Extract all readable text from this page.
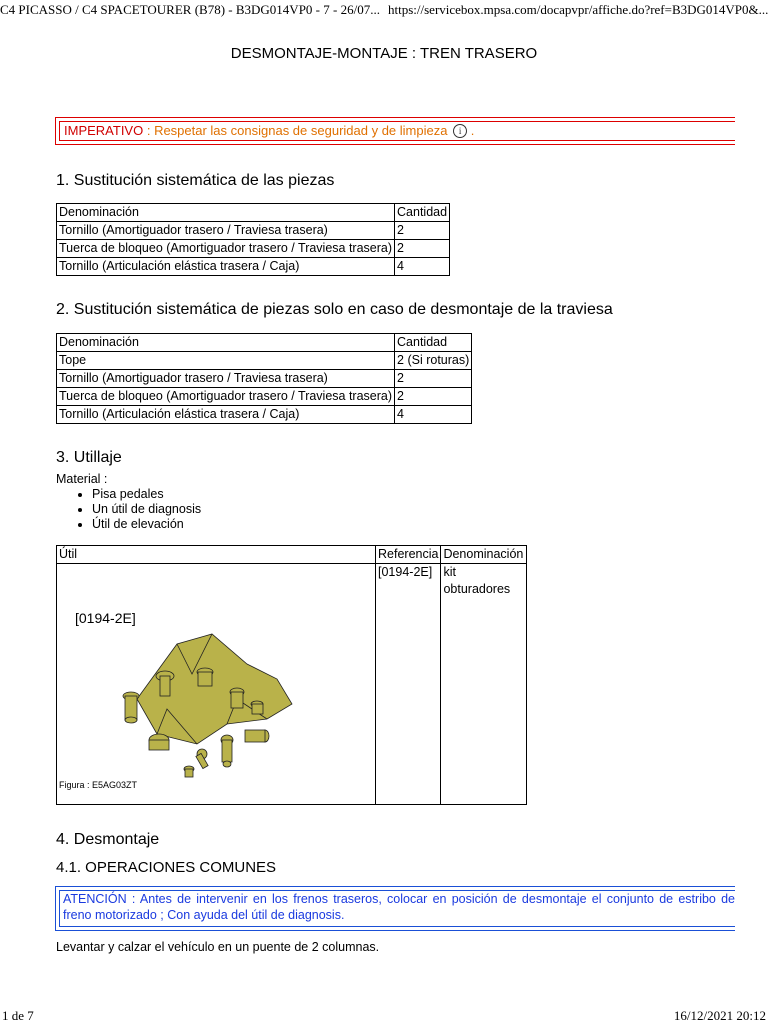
C4 PICASSO / C4 SPACETOURER (B78) - B3DG014VP0 - 7 - 26/07... https://servicebox.mpsa.com/docapvpr/affiche.do?ref=B3DG014VP0&...
DESMONTAJE-MONTAJE : TREN TRASERO
IMPERATIVO : Respetar las consignas de seguridad y de limpieza i .
1. Sustitución sistemática de las piezas
Denominación	Cantidad
Tornillo (Amortiguador trasero / Traviesa trasera)	2
Tuerca de bloqueo (Amortiguador trasero / Traviesa trasera)	2
Tornillo (Articulación elástica trasera / Caja)	4
2. Sustitución sistemática de piezas solo en caso de desmontaje de la traviesa
Denominación	Cantidad
Tope	2 (Si roturas)
Tornillo (Amortiguador trasero / Traviesa trasera)	2
Tuerca de bloqueo (Amortiguador trasero / Traviesa trasera)	2
Tornillo (Articulación elástica trasera / Caja)	4
3. Utillaje
Material :
• Pisa pedales
• Un útil de diagnosis
• Útil de elevación
Útil	Referencia	Denominación

[0194-2E]
Figura : E5AG03ZT	[0194-2E]	kit obturadores
4. Desmontaje
4.1. OPERACIONES COMUNES
ATENCIÓN : Antes de intervenir en los frenos traseros, colocar en posición de desmontaje el conjunto de estribo de freno motorizado ; Con ayuda del útil de diagnosis.
Levantar y calzar el vehículo en un puente de 2 columnas.
1 de 7	16/12/2021 20:12
